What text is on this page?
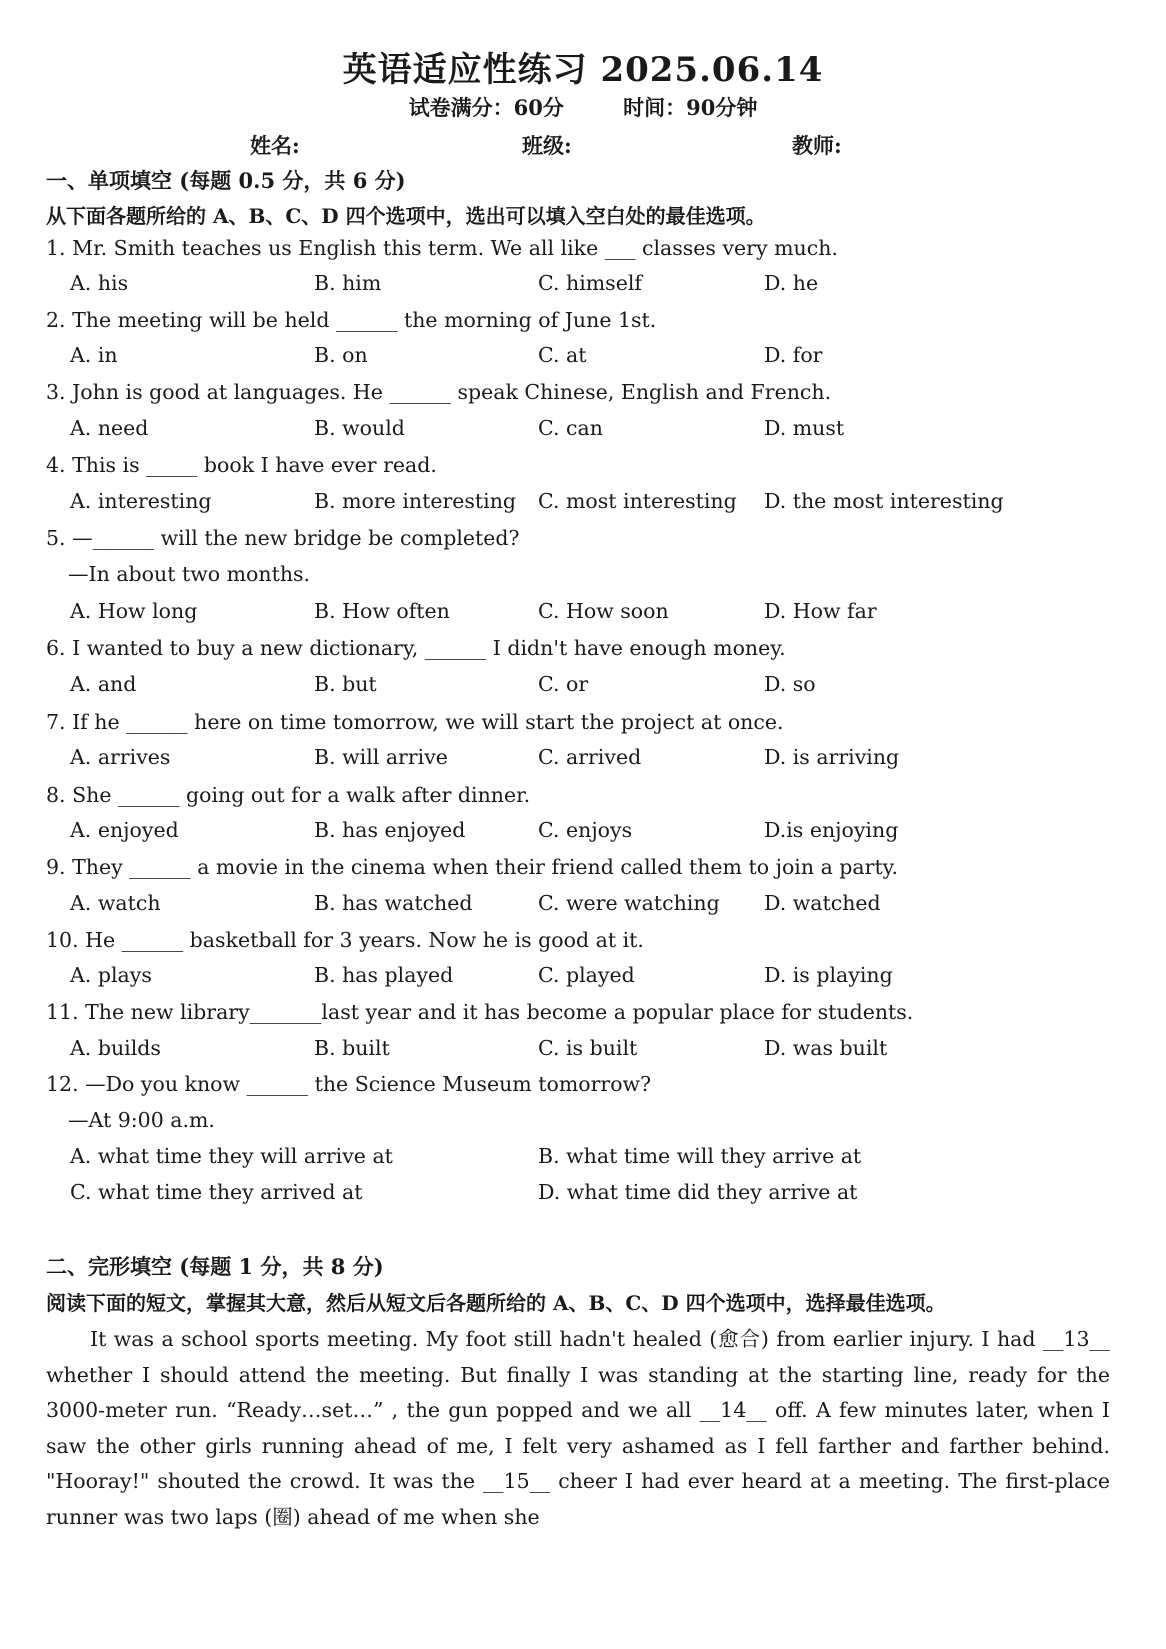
英语适应性练习 2025.06.14
试卷满分：60分	时间：90分钟
姓名:	班级:	教师:
一、单项填空 (每题 0.5 分，共 6 分)
从下面各题所给的 A、B、C、D 四个选项中，选出可以填入空白处的最佳选项。
1. Mr. Smith teaches us English this term. We all like ___ classes very much.
A. his	B. him	C. himself	D. he
2. The meeting will be held ______ the morning of June 1st.
A. in	B. on	C. at	D. for
3. John is good at languages. He ______ speak Chinese, English and French.
A. need	B. would	C. can	D. must
4. This is _____ book I have ever read.
A. interesting	B. more interesting C. most interesting D. the most interesting
5. —______ will the new bridge be completed?
—In about two months.
A. How long	B. How often	C. How soon	D. How far
6. I wanted to buy a new dictionary, ______ I didn't have enough money.
A. and	B. but	C. or	D. so
7. If he ______ here on time tomorrow, we will start the project at once.
A. arrives	B. will arrive	C. arrived	D. is arriving
8. She ______ going out for a walk after dinner.
A. enjoyed	B. has enjoyed	C. enjoys	D.is enjoying
9. They ______ a movie in the cinema when their friend called them to join a party.
A. watch	B. has watched	C. were watching D. watched
10. He ______ basketball for 3 years. Now he is good at it.
A. plays	B. has played	C. played	D. is playing
11. The new library_______last year and it has become a popular place for students.
A. builds	B. built	C. is built	D. was built
12. —Do you know ______ the Science Museum tomorrow?
—At 9:00 a.m.
A. what time they will arrive at	B. what time will they arrive at
C. what time they arrived at	D. what time did they arrive at
二、完形填空 (每题 1 分，共 8 分)
阅读下面的短文，掌握其大意，然后从短文后各题所给的 A、B、C、D 四个选项中，选择最佳选项。

It was a school sports meeting. My foot still hadn't healed (愈合) from earlier injury. I had __13__ whether I should attend the meeting. But finally I was standing at the starting line, ready for the 3000-meter run. “Ready…set…” , the gun popped and we all __14__ off. A few minutes later, when I saw the other girls running ahead of me, I felt very ashamed as I fell farther and farther behind. "Hooray!" shouted the crowd. It was the __15__ cheer I had ever heard at a meeting. The first-place runner was two laps (圈) ahead of me when she
